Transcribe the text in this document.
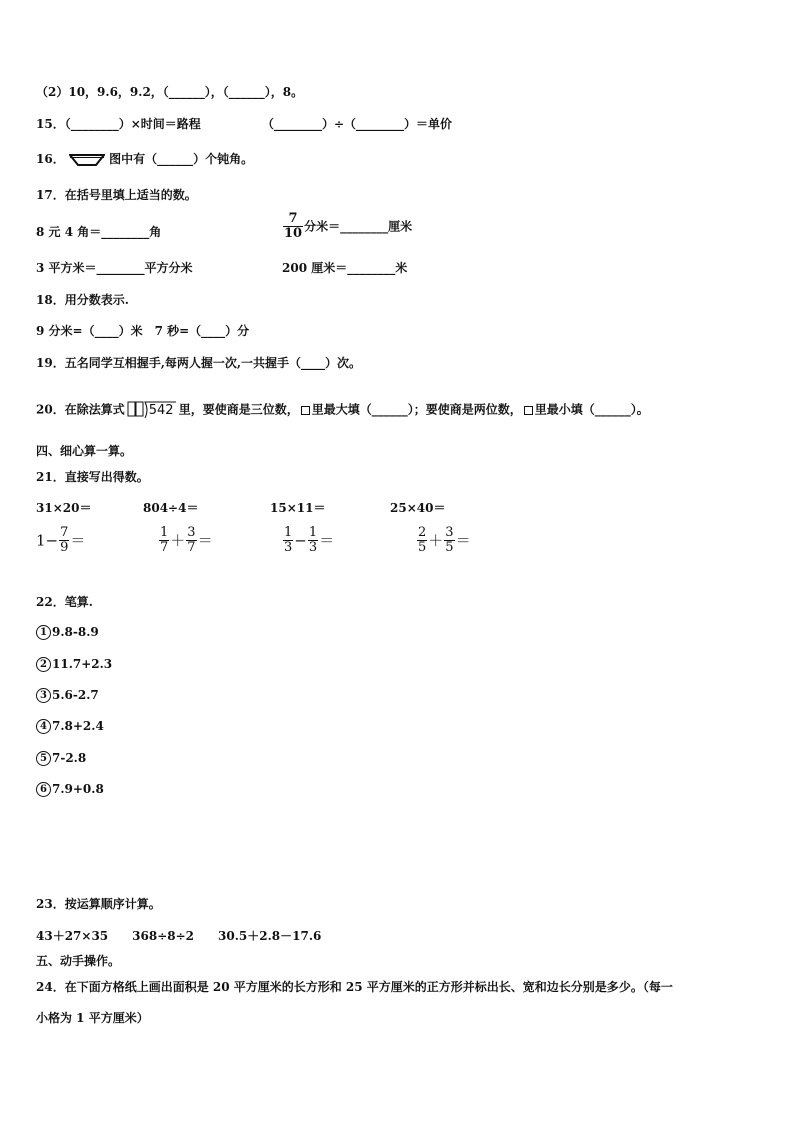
（2）10，9.6，9.2，（______），（______），8。
15．（________）×时间＝路程	（________）÷（________）＝单价
16．	图中有（______）个钝角。
17．在括号里填上适当的数。
8 元 4 角＝________角	$\frac{7}{10}$ 分米＝________厘米
3 平方米＝________平方分米	200 厘米＝________米
18．用分数表示.
9 分米=（____）米　7 秒=（____）分
19．五名同学互相握手,每两人握一次,一共握手（____）次。
20．在除法算式 542 里，要使商是三位数， 里最大填（______）；要使商是两位数， 里最小填（______）。
四、细心算一算。
21．直接写出得数。
31×20＝	804÷4＝	15×11＝	25×40＝
$1- \frac{7}{9}$ ＝	$\frac{1}{7} + \frac{3}{7}$ ＝	$\frac{1}{3} - \frac{1}{3}$ ＝	$\frac{2}{5} + \frac{3}{5}$ ＝
22．笔算.
1 9.8-8.9
2 11.7+2.3
3 5.6-2.7
4 7.8+2.4
5 7-2.8
6 7.9+0.8
23．按运算顺序计算。
43＋27×35　　368÷8÷2　　30.5＋2.8－17.6
五、动手操作。
24．在下面方格纸上画出面积是 20 平方厘米的长方形和 25 平方厘米的正方形并标出长、宽和边长分别是多少。（每一
小格为 1 平方厘米）
